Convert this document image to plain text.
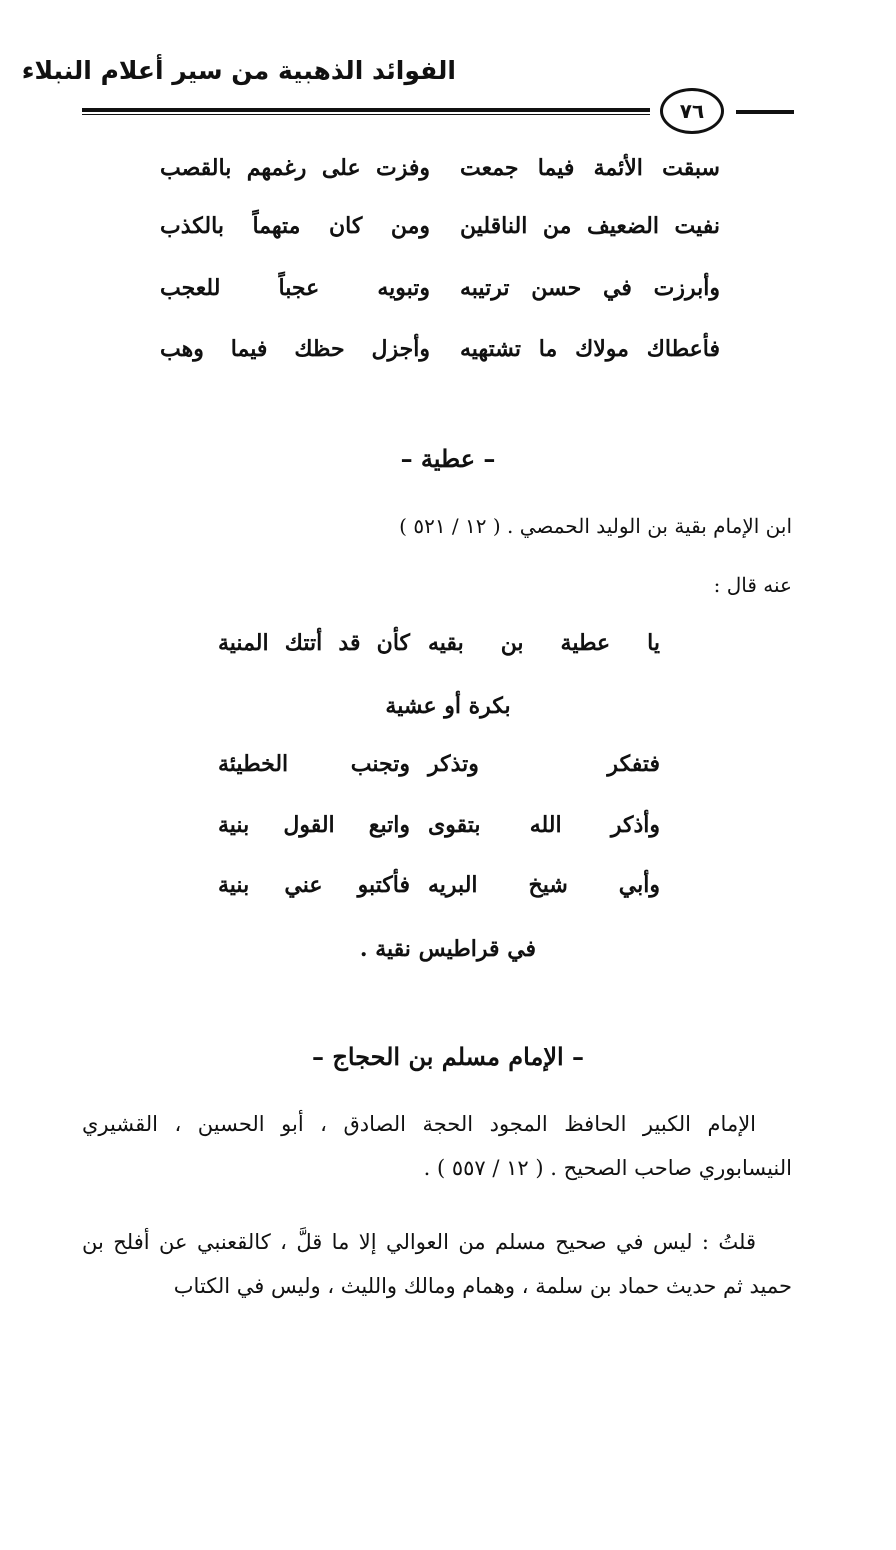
الفوائد الذهبية من سير أعلام النبلاء
٧٦
سبقت الأئمة فيما جمعت
وفزت على رغمهم بالقصب
نفيت الضعيف من الناقلين
ومن كان متهماً بالكذب
وأبرزت في حسن ترتيبه
وتبويه عجباً للعجب
فأعطاك مولاك ما تشتهيه
وأجزل حظك فيما وهب
– عطية –
ابن الإمام بقية بن الوليد الحمصي . ( ١٢ / ٥٢١ )
عنه قال :
يا عطية بن بقيه
كأن قد أتتك المنية
بكرة أو عشية
فتفكر وتذكر
وتجنب الخطيئة
وأذكر الله بتقوى
واتبع القول بنية
وأبي شيخ البريه
فأكتبو عني بنية
في قراطيس نقية .
– الإمام مسلم بن الحجاج –
الإمام الكبير الحافظ المجود الحجة الصادق ، أبو الحسين ، القشيري النيسابوري صاحب الصحيح . ( ١٢ / ٥٥٧ ) .
قلتُ : ليس في صحيح مسلم من العوالي إلا ما قلَّ ، كالقعنبي عن أفلح بن حميد ثم حديث حماد بن سلمة ، وهمام ومالك والليث ، وليس في الكتاب
